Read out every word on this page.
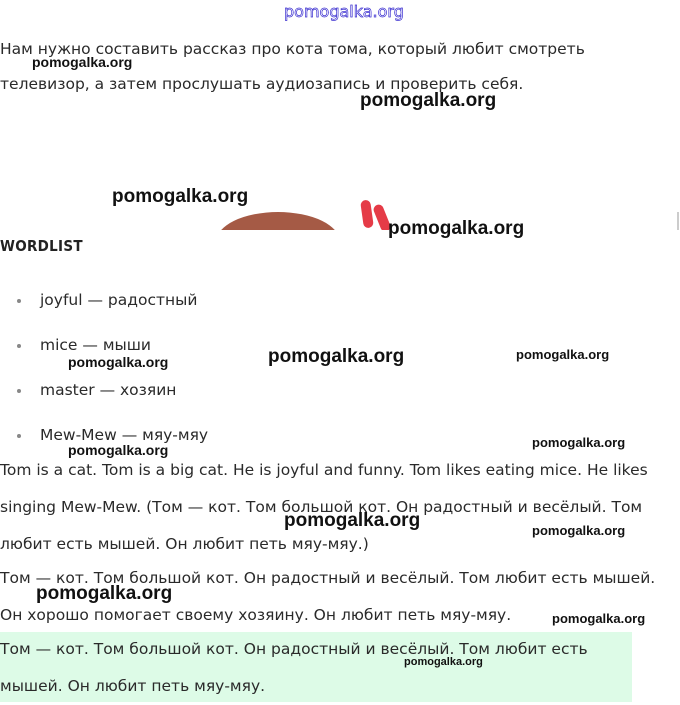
pomogalka.org
Нам нужно составить рассказ про кота тома, который любит смотреть телевизор, а затем прослушать аудиозапись и проверить себя.
WORDLIST
joyful — радостный
mice — мыши
master — хозяин
Mew-Mew — мяу-мяу
Tom is a cat. Tom is a big cat. He is joyful and funny. Tom likes eating mice. He likes singing Mew-Mew. (Том — кот. Том большой кот. Он радостный и весёлый. Том любит есть мышей. Он любит петь мяу-мяу.)
Том — кот. Том большой кот. Он радостный и весёлый. Том любит есть мышей. Он хорошо помогает своему хозяину. Он любит петь мяу-мяу.
Том — кот. Том большой кот. Он радостный и весёлый. Том любит есть мышей. Он любит петь мяу-мяу.
pomogalka.org
pomogalka.org
pomogalka.org
pomogalka.org
pomogalka.org	pomogalka.org	pomogalka.org
pomogalka.org	pomogalka.org
pomogalka.org	pomogalka.org
pomogalka.org
pomogalka.org
pomogalka.org
